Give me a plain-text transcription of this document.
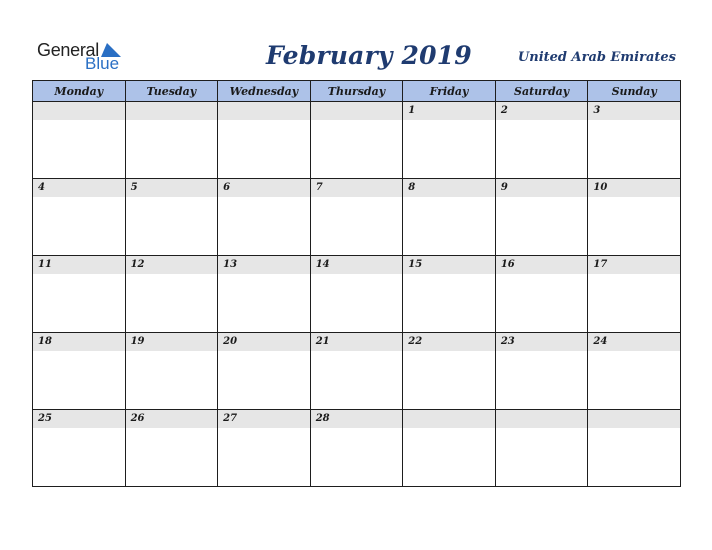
General
Blue	February 2019	United Arab Emirates
Monday	Tuesday	Wednesday	Thursday	Friday	Saturday	Sunday

				1	2	3

4	5	6	7	8	9	10

11	12	13	14	15	16	17

18	19	20	21	22	23	24

25	26	27	28			
